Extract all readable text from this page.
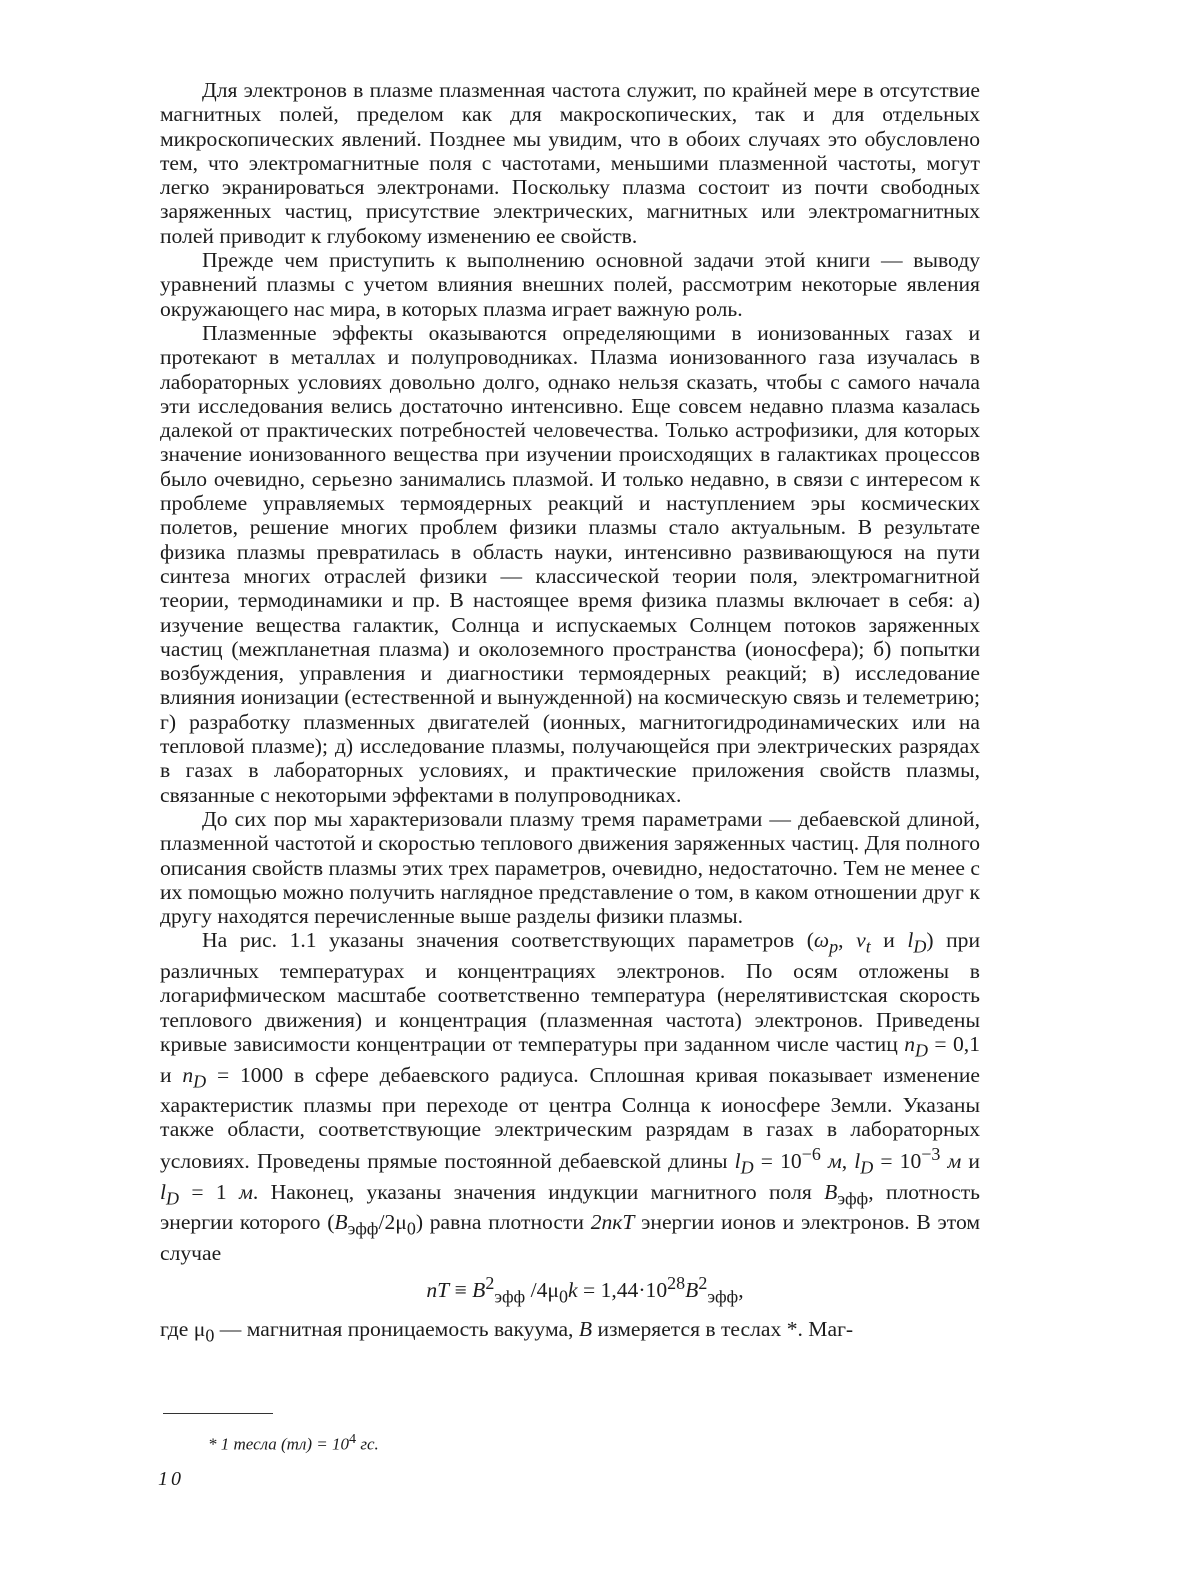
Для электронов в плазме плазменная частота служит, по крайней мере в отсутствие магнитных полей, пределом как для макроскопических, так и для отдельных микроскопических явлений. Позднее мы увидим, что в обоих случаях это обусловлено тем, что электромагнитные поля с частотами, меньшими плазменной частоты, могут легко экранироваться электронами. Поскольку плазма состоит из почти свободных заряженных частиц, присутствие электрических, магнитных или электромагнитных полей приводит к глубокому изменению ее свойств.

Прежде чем приступить к выполнению основной задачи этой книги — выводу уравнений плазмы с учетом влияния внешних полей, рассмотрим некоторые явления окружающего нас мира, в которых плазма играет важную роль.

Плазменные эффекты оказываются определяющими в ионизованных газах и протекают в металлах и полупроводниках. Плазма ионизованного газа изучалась в лабораторных условиях довольно долго, однако нельзя сказать, чтобы с самого начала эти исследования велись достаточно интенсивно. Еще совсем недавно плазма казалась далекой от практических потребностей человечества. Только астрофизики, для которых значение ионизованного вещества при изучении происходящих в галактиках процессов было очевидно, серьезно занимались плазмой. И только недавно, в связи с интересом к проблеме управляемых термоядерных реакций и наступлением эры космических полетов, решение многих проблем физики плазмы стало актуальным. В результате физика плазмы превратилась в область науки, интенсивно развивающуюся на пути синтеза многих отраслей физики — классической теории поля, электромагнитной теории, термодинамики и пр. В настоящее время физика плазмы включает в себя: а) изучение вещества галактик, Солнца и испускаемых Солнцем потоков заряженных частиц (межпланетная плазма) и околоземного пространства (ионосфера); б) попытки возбуждения, управления и диагностики термоядерных реакций; в) исследование влияния ионизации (естественной и вынужденной) на космическую связь и телеметрию; г) разработку плазменных двигателей (ионных, магнитогидродинамических или на тепловой плазме); д) исследование плазмы, получающейся при электрических разрядах в газах в лабораторных условиях, и практические приложения свойств плазмы, связанные с некоторыми эффектами в полупроводниках.

До сих пор мы характеризовали плазму тремя параметрами — дебаевской длиной, плазменной частотой и скоростью теплового движения заряженных частиц. Для полного описания свойств плазмы этих трех параметров, очевидно, недостаточно. Тем не менее с их помощью можно получить наглядное представление о том, в каком отношении друг к другу находятся перечисленные выше разделы физики плазмы.

На рис. 1.1 указаны значения соответствующих параметров ($\omega_p$, $v_t$ и $l_D$) при различных температурах и концентрациях электронов. По осям отложены в логарифмическом масштабе соответственно температура (нерелятивистская скорость теплового движения) и концентрация (плазменная частота) электронов. Приведены кривые зависимости концентрации от температуры при заданном числе частиц $n_D = 0,1$ и $n_D = 1000$ в сфере дебаевского радиуса. Сплошная кривая показывает изменение характеристик плазмы при переходе от центра Солнца к ионосфере Земли. Указаны также области, соответствующие электрическим разрядам в газах в лабораторных условиях. Проведены прямые постоянной дебаевской длины $l_D = 10^{-6}$ м, $l_D = 10^{-3}$ м и $l_D = 1$ м. Наконец, указаны значения индукции магнитного поля $B_{эфф}$, плотность энергии которого $(B_{эфф}/2\mu_0)$ равна плотности 2nкT энергии ионов и электронов. В этом случае

nT ≡ $B^2_{эфф}$ $/4\mu_0k = 1,44\cdot 10^{28}B^2_{эфф}$,

где $\mu_0$ — магнитная проницаемость вакуума, B измеряется в теслах *. Маг-

* 1 тесла $(тл) = 10^4$ гс.
10
